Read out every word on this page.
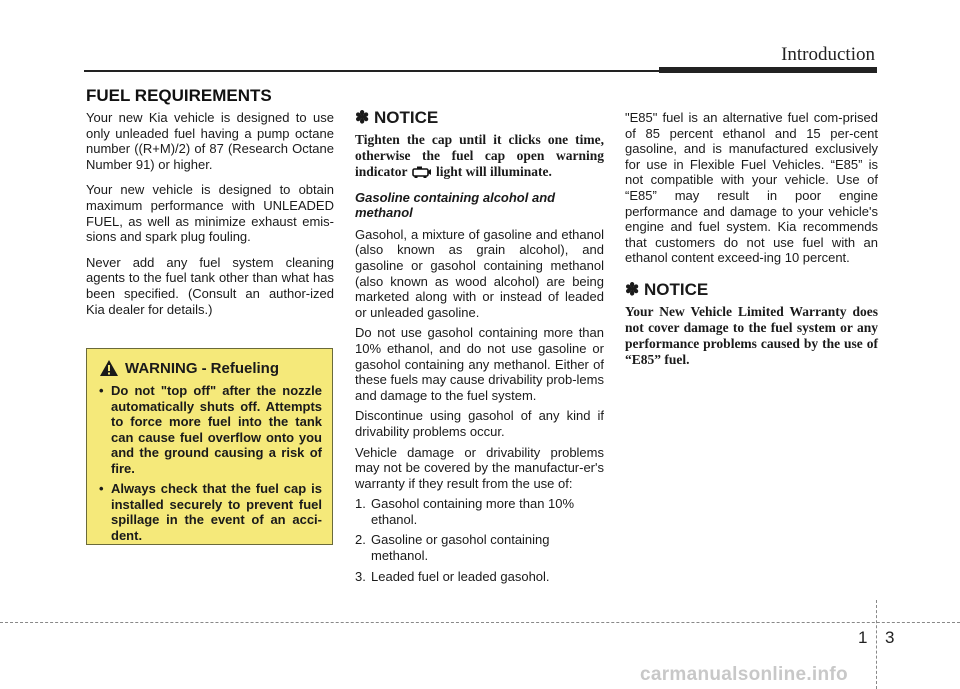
Introduction
FUEL REQUIREMENTS

Your new Kia vehicle is designed to use only unleaded fuel having a pump octane number ((R+M)/2) of 87 (Research Octane Number 91) or higher.

Your new vehicle is designed to obtain maximum performance with UNLEADED FUEL, as well as minimize exhaust emis-sions and spark plug fouling.

Never add any fuel system cleaning agents to the fuel tank other than what has been specified. (Consult an author-ized Kia dealer for details.)

WARNING - Refueling
• Do not "top off" after the nozzle automatically shuts off. Attempts to force more fuel into the tank can cause fuel overflow onto you and the ground causing a risk of fire.
• Always check that the fuel cap is installed securely to prevent fuel spillage in the event of an acci-dent.
✽ NOTICE
Tighten the cap until it clicks one time, otherwise the fuel cap open warning indicator light will illuminate.
Gasoline containing alcohol and methanol

Gasohol, a mixture of gasoline and ethanol (also known as grain alcohol), and gasoline or gasohol containing methanol (also known as wood alcohol) are being marketed along with or instead of leaded or unleaded gasoline.

Do not use gasohol containing more than 10% ethanol, and do not use gasoline or gasohol containing any methanol. Either of these fuels may cause drivability prob-lems and damage to the fuel system.

Discontinue using gasohol of any kind if drivability problems occur.

Vehicle damage or drivability problems may not be covered by the manufactur-er's warranty if they result from the use of:

1. Gasohol containing more than 10% ethanol.
2. Gasoline or gasohol containing methanol.
3. Leaded fuel or leaded gasohol.

"E85" fuel is an alternative fuel com-prised of 85 percent ethanol and 15 per-cent gasoline, and is manufactured exclusively for use in Flexible Fuel Vehicles. “E85” is not compatible with your vehicle. Use of “E85” may result in poor engine performance and damage to your vehicle's engine and fuel system. Kia recommends that customers do not use fuel with an ethanol content exceed-ing 10 percent.

✽ NOTICE
Your New Vehicle Limited Warranty does not cover damage to the fuel system or any performance problems caused by the use of “E85” fuel.
1 3
carmanualsonline.info
